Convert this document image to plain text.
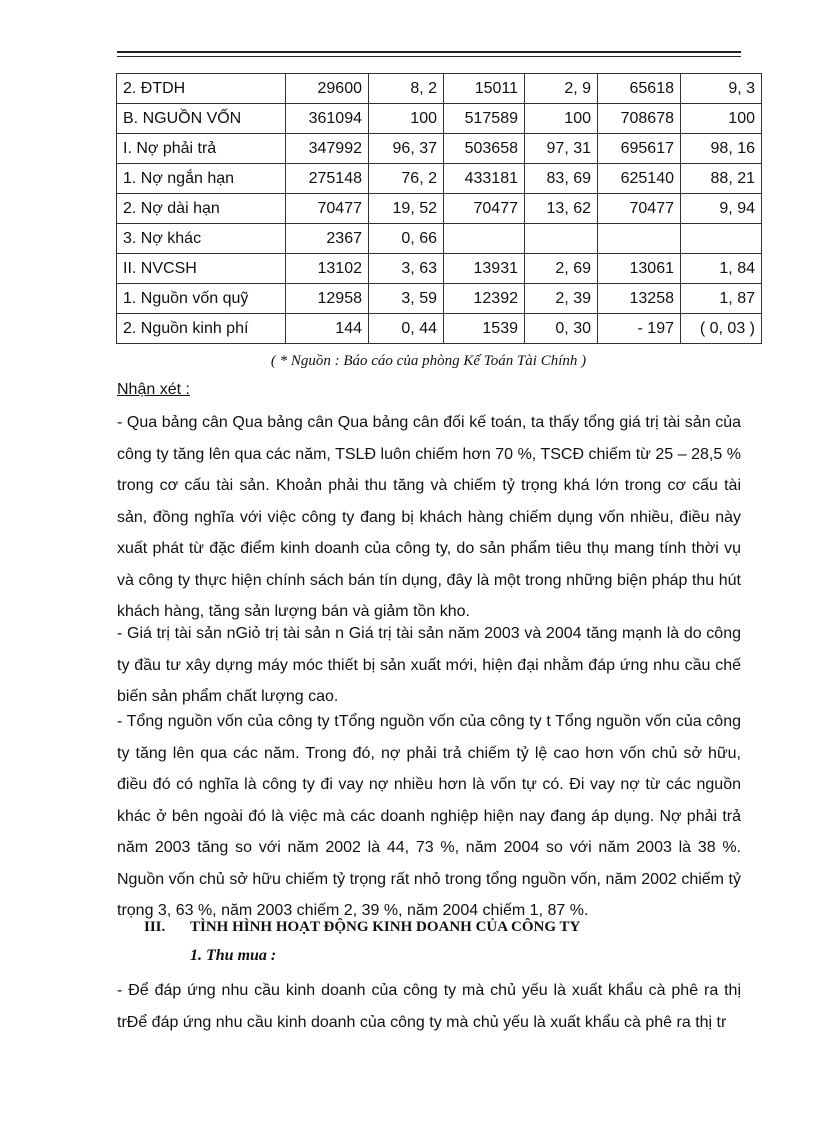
2. ĐTDH	29600	8, 2	15011	2, 9	65618	9, 3
B. NGUỒN VỐN	361094	100	517589	100	708678	100
I. Nợ phải trả	347992	96, 37	503658	97, 31	695617	98, 16
1. Nợ ngắn hạn	275148	76, 2	433181	83, 69	625140	88, 21
2. Nợ dài hạn	70477	19, 52	70477	13, 62	70477	9, 94
3. Nợ khác	2367	0, 66				
II. NVCSH	13102	3, 63	13931	2, 69	13061	1, 84
1. Nguồn vốn quỹ	12958	3, 59	12392	2, 39	13258	1, 87
2. Nguồn kinh phí	144	0, 44	1539	0, 30	- 197	( 0, 03 )
( * Nguồn : Báo cáo của phòng Kế Toán Tài Chính )
Nhận xét :

- Qua bảng cân Qua bảng cân Qua bảng cân đối kế toán, ta thấy tổng giá trị tài sản của công ty tăng lên qua các năm, TSLĐ luôn chiếm hơn 70 %, TSCĐ chiếm từ 25 – 28,5 % trong cơ cấu tài sản. Khoản phải thu tăng và chiếm tỷ trọng khá lớn trong cơ cấu tài sản, đồng nghĩa với việc công ty đang bị khách hàng chiếm dụng vốn nhiều, điều này xuất phát từ đặc điểm kinh doanh của công ty, do sản phẩm tiêu thụ mang tính thời vụ và công ty thực hiện chính sách bán tín dụng, đây là một trong những biện pháp thu hút khách hàng, tăng sản lượng bán và giảm tồn kho.

- Giá trị tài sản nGiỏ trị tài sản n Giá trị tài sản năm 2003 và 2004 tăng mạnh là do công ty đầu tư xây dựng máy móc thiết bị sản xuất mới, hiện đại nhằm đáp ứng nhu cầu chế biến sản phẩm chất lượng cao.

- Tổng nguồn vốn của công ty tTổng nguồn vốn của công ty t Tổng nguồn vốn của công ty tăng lên qua các năm. Trong đó, nợ phải trả chiếm tỷ lệ cao hơn vốn chủ sở hữu, điều đó có nghĩa là công ty đi vay nợ nhiều hơn là vốn tự có. Đi vay nợ từ các nguồn khác ở bên ngoài đó là việc mà các doanh nghiệp hiện nay đang áp dụng. Nợ phải trả năm 2003 tăng so với năm 2002 là 44, 73 %, năm 2004 so với năm 2003 là 38 %. Nguồn vốn chủ sở hữu chiếm tỷ trọng rất nhỏ trong tổng nguồn vốn, năm 2002 chiếm tỷ trọng 3, 63 %, năm 2003 chiếm 2, 39 %, năm 2004 chiếm 1, 87 %.

III. TÌNH HÌNH HOẠT ĐỘNG KINH DOANH CỦA CÔNG TY
1. Thu mua :

- Để đáp ứng nhu cầu kinh doanh của công ty mà chủ yếu là xuất khẩu cà phê ra thị trĐể đáp ứng nhu cầu kinh doanh của công ty mà chủ yếu là xuất khẩu cà phê ra thị tr
